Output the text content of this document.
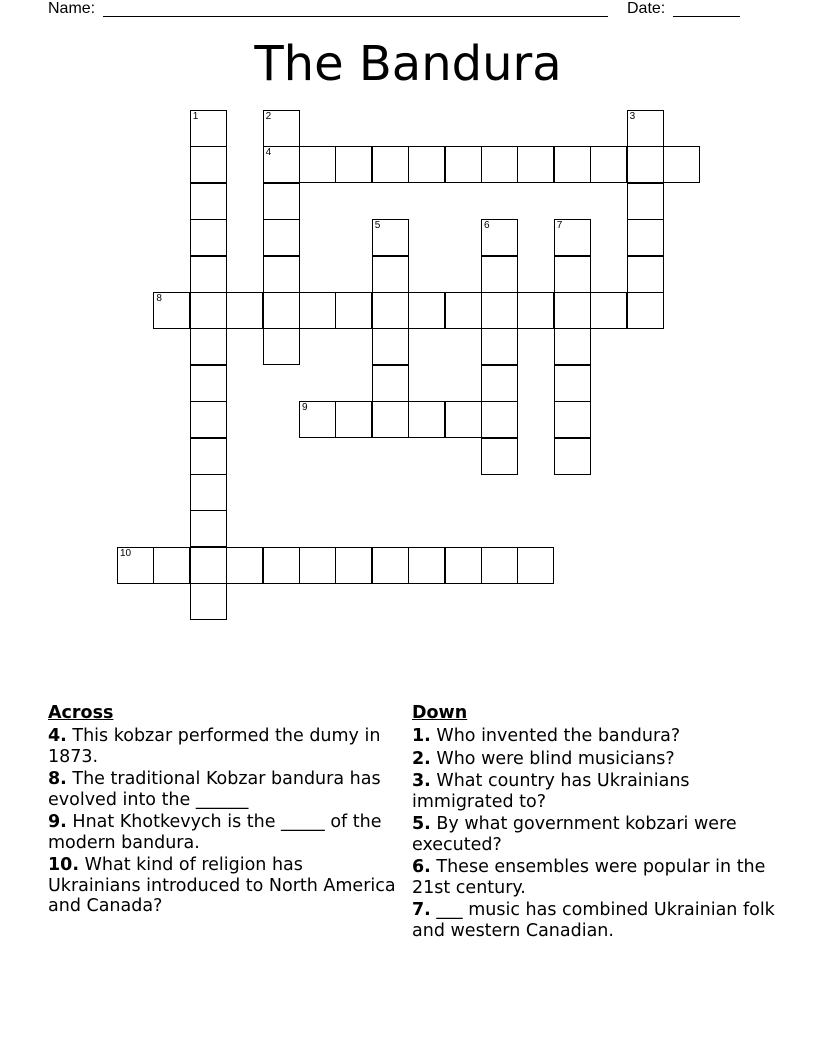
Name:	Date:
The Bandura
1	2
4
3
5	6	7
8
9
10
Across
4. This kobzar performed the dumy in 1873.
8. The traditional Kobzar bandura has evolved into the ______
9. Hnat Khotkevych is the _____ of the modern bandura.
10. What kind of religion has Ukrainians introduced to North America and Canada?
Down
1. Who invented the bandura?
2. Who were blind musicians?
3. What country has Ukrainians immigrated to?
5. By what government kobzari were executed?
6. These ensembles were popular in the 21st century.
7. ___ music has combined Ukrainian folk and western Canadian.
